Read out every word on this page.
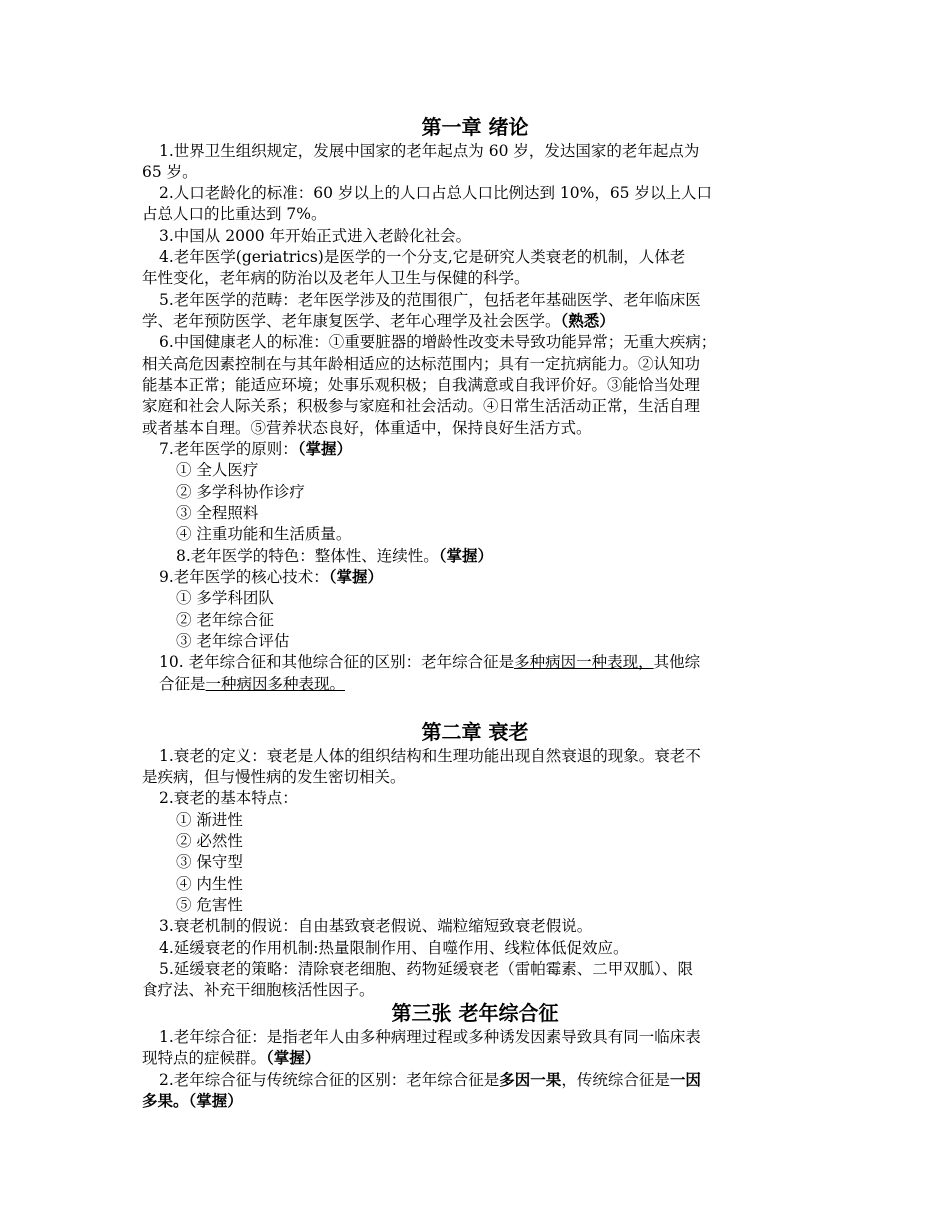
第一章 绪论
1.世界卫生组织规定，发展中国家的老年起点为 60 岁，发达国家的老年起点为
65 岁。
2.人口老龄化的标准：60 岁以上的人口占总人口比例达到 10%，65 岁以上人口
占总人口的比重达到 7%。
3.中国从 2000 年开始正式进入老龄化社会。
4.老年医学(geriatrics)是医学的一个分支,它是研究人类衰老的机制，人体老
年性变化，老年病的防治以及老年人卫生与保健的科学。
5.老年医学的范畴：老年医学涉及的范围很广，包括老年基础医学、老年临床医
学、老年预防医学、老年康复医学、老年心理学及社会医学。（熟悉）
6.中国健康老人的标准：①重要脏器的增龄性改变未导致功能异常；无重大疾病；
相关高危因素控制在与其年龄相适应的达标范围内；具有一定抗病能力。②认知功
能基本正常；能适应环境；处事乐观积极；自我满意或自我评价好。③能恰当处理
家庭和社会人际关系；积极参与家庭和社会活动。④日常生活活动正常，生活自理
或者基本自理。⑤营养状态良好，体重适中，保持良好生活方式。
7.老年医学的原则：（掌握）
① 全人医疗
② 多学科协作诊疗
③ 全程照料
④ 注重功能和生活质量。
8.老年医学的特色：整体性、连续性。（掌握）
9.老年医学的核心技术：（掌握）
① 多学科团队
② 老年综合征
③ 老年综合评估
10. 老年综合征和其他综合征的区别：老年综合征是多种病因一种表现，其他综
合征是一种病因多种表现。
第二章 衰老
1.衰老的定义：衰老是人体的组织结构和生理功能出现自然衰退的现象。衰老不
是疾病，但与慢性病的发生密切相关。
2.衰老的基本特点：
① 渐进性
② 必然性
③ 保守型
④ 内生性
⑤ 危害性
3.衰老机制的假说：自由基致衰老假说、端粒缩短致衰老假说。
4.延缓衰老的作用机制:热量限制作用、自噬作用、线粒体低促效应。
5.延缓衰老的策略：清除衰老细胞、药物延缓衰老（雷帕霉素、二甲双胍）、限
食疗法、补充干细胞核活性因子。
第三张 老年综合征
1.老年综合征：是指老年人由多种病理过程或多种诱发因素导致具有同一临床表
现特点的症候群。（掌握）
2.老年综合征与传统综合征的区别：老年综合征是多因一果，传统综合征是一因
多果。（掌握）
